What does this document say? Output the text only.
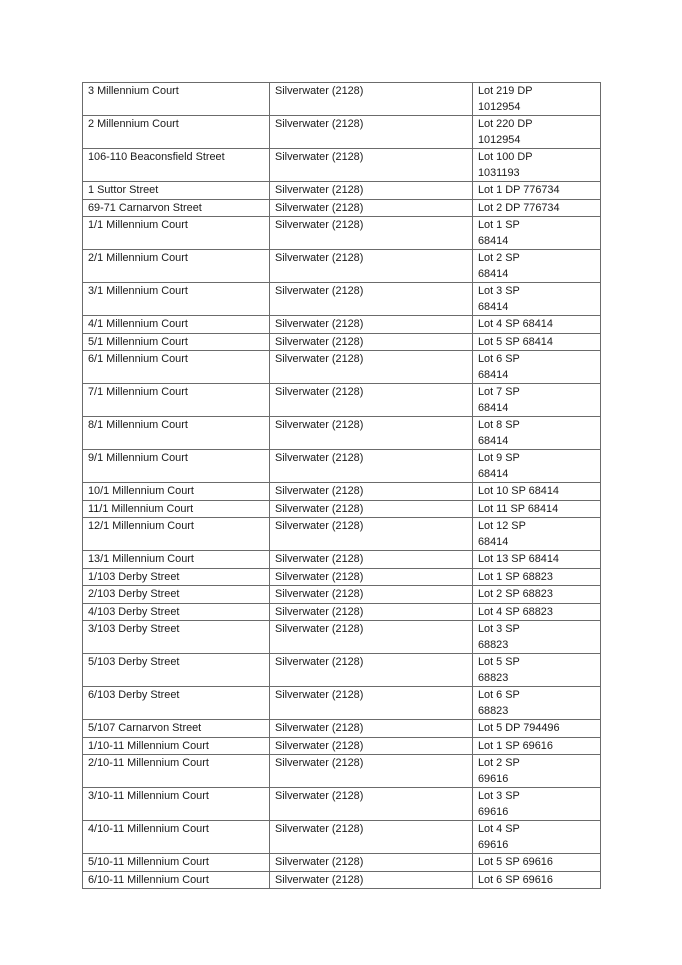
3 Millennium Court	Silverwater (2128)	Lot 219 DP
1012954

2 Millennium Court	Silverwater (2128)	Lot 220 DP
1012954

106-110 Beaconsfield Street	Silverwater (2128)	Lot 100 DP
1031193

1 Suttor Street	Silverwater (2128)	Lot 1 DP 776734

69-71 Carnarvon Street	Silverwater (2128)	Lot 2 DP 776734

1/1 Millennium Court	Silverwater (2128)	Lot 1 SP
68414

2/1 Millennium Court	Silverwater (2128)	Lot 2 SP
68414

3/1 Millennium Court	Silverwater (2128)	Lot 3 SP
68414

4/1 Millennium Court	Silverwater (2128)	Lot 4 SP 68414

5/1 Millennium Court	Silverwater (2128)	Lot 5 SP 68414

6/1 Millennium Court	Silverwater (2128)	Lot 6 SP
68414

7/1 Millennium Court	Silverwater (2128)	Lot 7 SP
68414

8/1 Millennium Court	Silverwater (2128)	Lot 8 SP
68414

9/1 Millennium Court	Silverwater (2128)	Lot 9 SP
68414

10/1 Millennium Court	Silverwater (2128)	Lot 10 SP 68414

11/1 Millennium Court	Silverwater (2128)	Lot 11 SP 68414

12/1 Millennium Court	Silverwater (2128)	Lot 12 SP
68414

13/1 Millennium Court	Silverwater (2128)	Lot 13 SP 68414

1/103 Derby Street	Silverwater (2128)	Lot 1 SP 68823

2/103 Derby Street	Silverwater (2128)	Lot 2 SP 68823

4/103 Derby Street	Silverwater (2128)	Lot 4 SP 68823

3/103 Derby Street	Silverwater (2128)	Lot 3 SP
68823

5/103 Derby Street	Silverwater (2128)	Lot 5 SP
68823

6/103 Derby Street	Silverwater (2128)	Lot 6 SP
68823

5/107 Carnarvon Street	Silverwater (2128)	Lot 5 DP 794496

1/10-11 Millennium Court	Silverwater (2128)	Lot 1 SP 69616

2/10-11 Millennium Court	Silverwater (2128)	Lot 2 SP
69616

3/10-11 Millennium Court	Silverwater (2128)	Lot 3 SP
69616

4/10-11 Millennium Court	Silverwater (2128)	Lot 4 SP
69616

5/10-11 Millennium Court	Silverwater (2128)	Lot 5 SP 69616

6/10-11 Millennium Court	Silverwater (2128)	Lot 6 SP 69616
